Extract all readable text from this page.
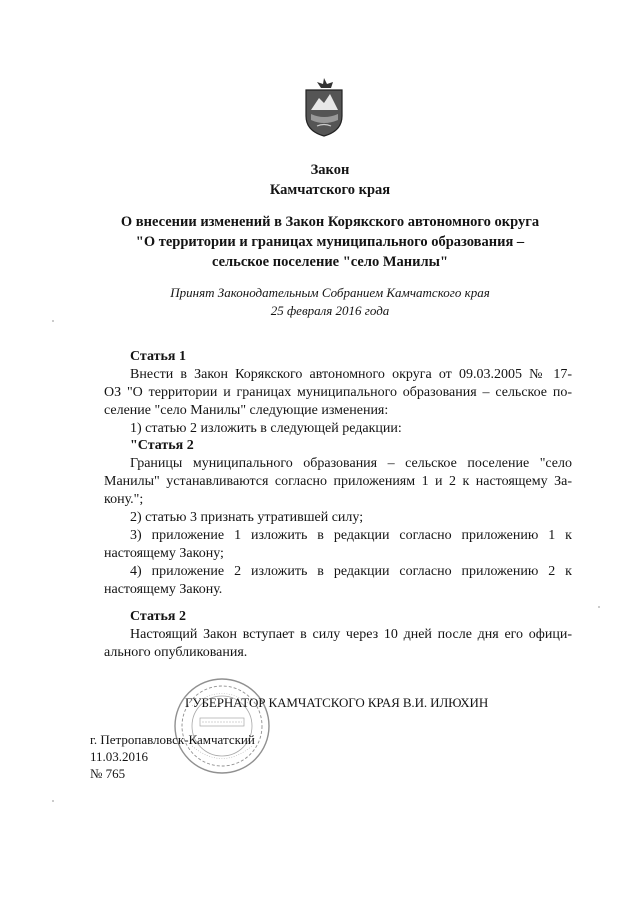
Закон
Камчатского края
О внесении изменений в Закон Корякского автономного округа
"О территории и границах муниципального образования –
сельское поселение "село Манилы"
Принят Законодательным Собранием Камчатского края
25 февраля 2016 года
Статья 1
Внести в Закон Корякского автономного округа от 09.03.2005 № 17-
ОЗ "О территории и границах муниципального образования – сельское по-
селение "село Манилы" следующие изменения:
1) статью 2 изложить в следующей редакции:
"Статья 2
Границы муниципального образования – сельское поселение "село
Манилы" устанавливаются согласно приложениям 1 и 2 к настоящему За-
кону.";
2) статью 3 признать утратившей силу;
3) приложение 1 изложить в редакции согласно приложению 1 к
настоящему Закону;
4) приложение 2 изложить в редакции согласно приложению 2 к
настоящему Закону.
Статья 2
Настоящий Закон вступает в силу через 10 дней после дня его офици-
ального опубликования.
ГУБЕРНАТОР КАМЧАТСКОГО КРАЯ В.И. ИЛЮХИН
г. Петропавловск-Камчатский
11.03.2016
№ 765
